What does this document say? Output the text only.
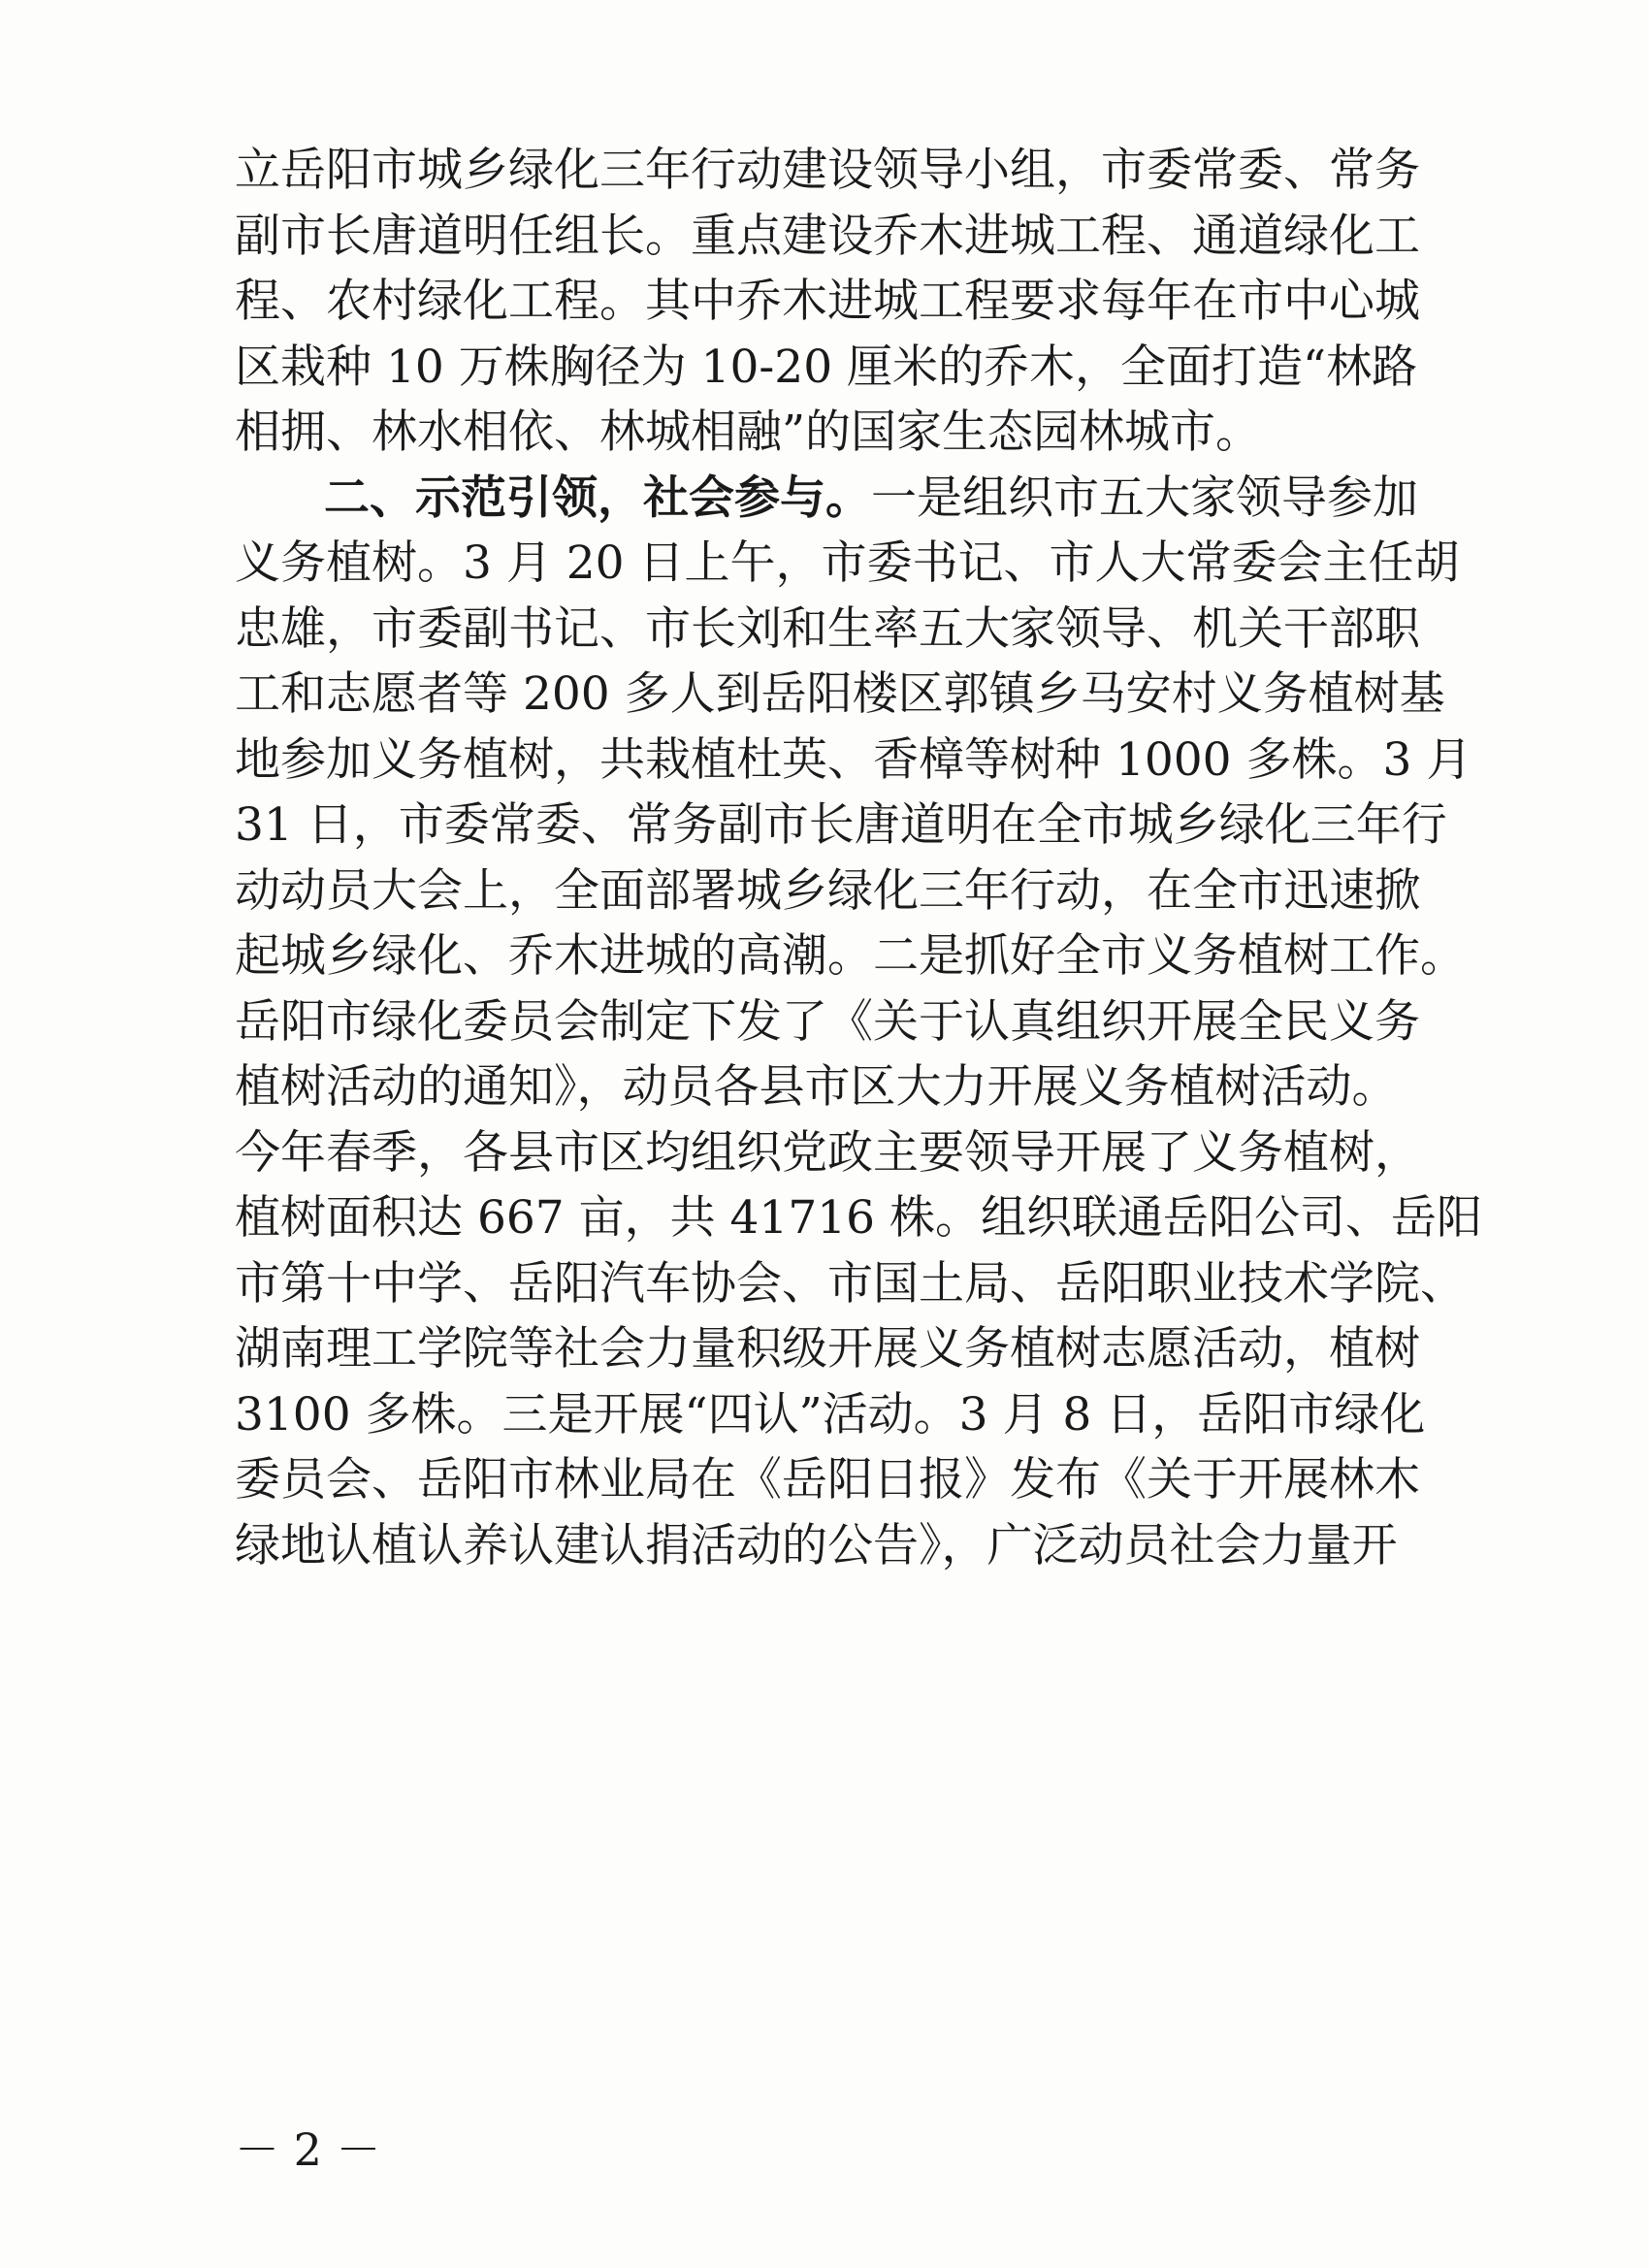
立岳阳市城乡绿化三年行动建设领导小组，市委常委、常务
副市长唐道明任组长。重点建设乔木进城工程、通道绿化工
程、农村绿化工程。其中乔木进城工程要求每年在市中心城
区栽种 10 万株胸径为 10-20 厘米的乔木，全面打造“林路
相拥、林水相依、林城相融”的国家生态园林城市。
二、示范引领，社会参与。一是组织市五大家领导参加
义务植树。3 月 20 日上午，市委书记、市人大常委会主任胡
忠雄，市委副书记、市长刘和生率五大家领导、机关干部职
工和志愿者等 200 多人到岳阳楼区郭镇乡马安村义务植树基
地参加义务植树，共栽植杜英、香樟等树种 1000 多株。3 月
31 日，市委常委、常务副市长唐道明在全市城乡绿化三年行
动动员大会上，全面部署城乡绿化三年行动，在全市迅速掀
起城乡绿化、乔木进城的高潮。二是抓好全市义务植树工作。
岳阳市绿化委员会制定下发了《关于认真组织开展全民义务
植树活动的通知》，动员各县市区大力开展义务植树活动。
今年春季，各县市区均组织党政主要领导开展了义务植树，
植树面积达 667 亩，共 41716 株。组织联通岳阳公司、岳阳
市第十中学、岳阳汽车协会、市国土局、岳阳职业技术学院、
湖南理工学院等社会力量积级开展义务植树志愿活动，植树
3100 多株。三是开展“四认”活动。3 月 8 日，岳阳市绿化
委员会、岳阳市林业局在《岳阳日报》发布《关于开展林木
绿地认植认养认建认捐活动的公告》，广泛动员社会力量开
－ 2 －
